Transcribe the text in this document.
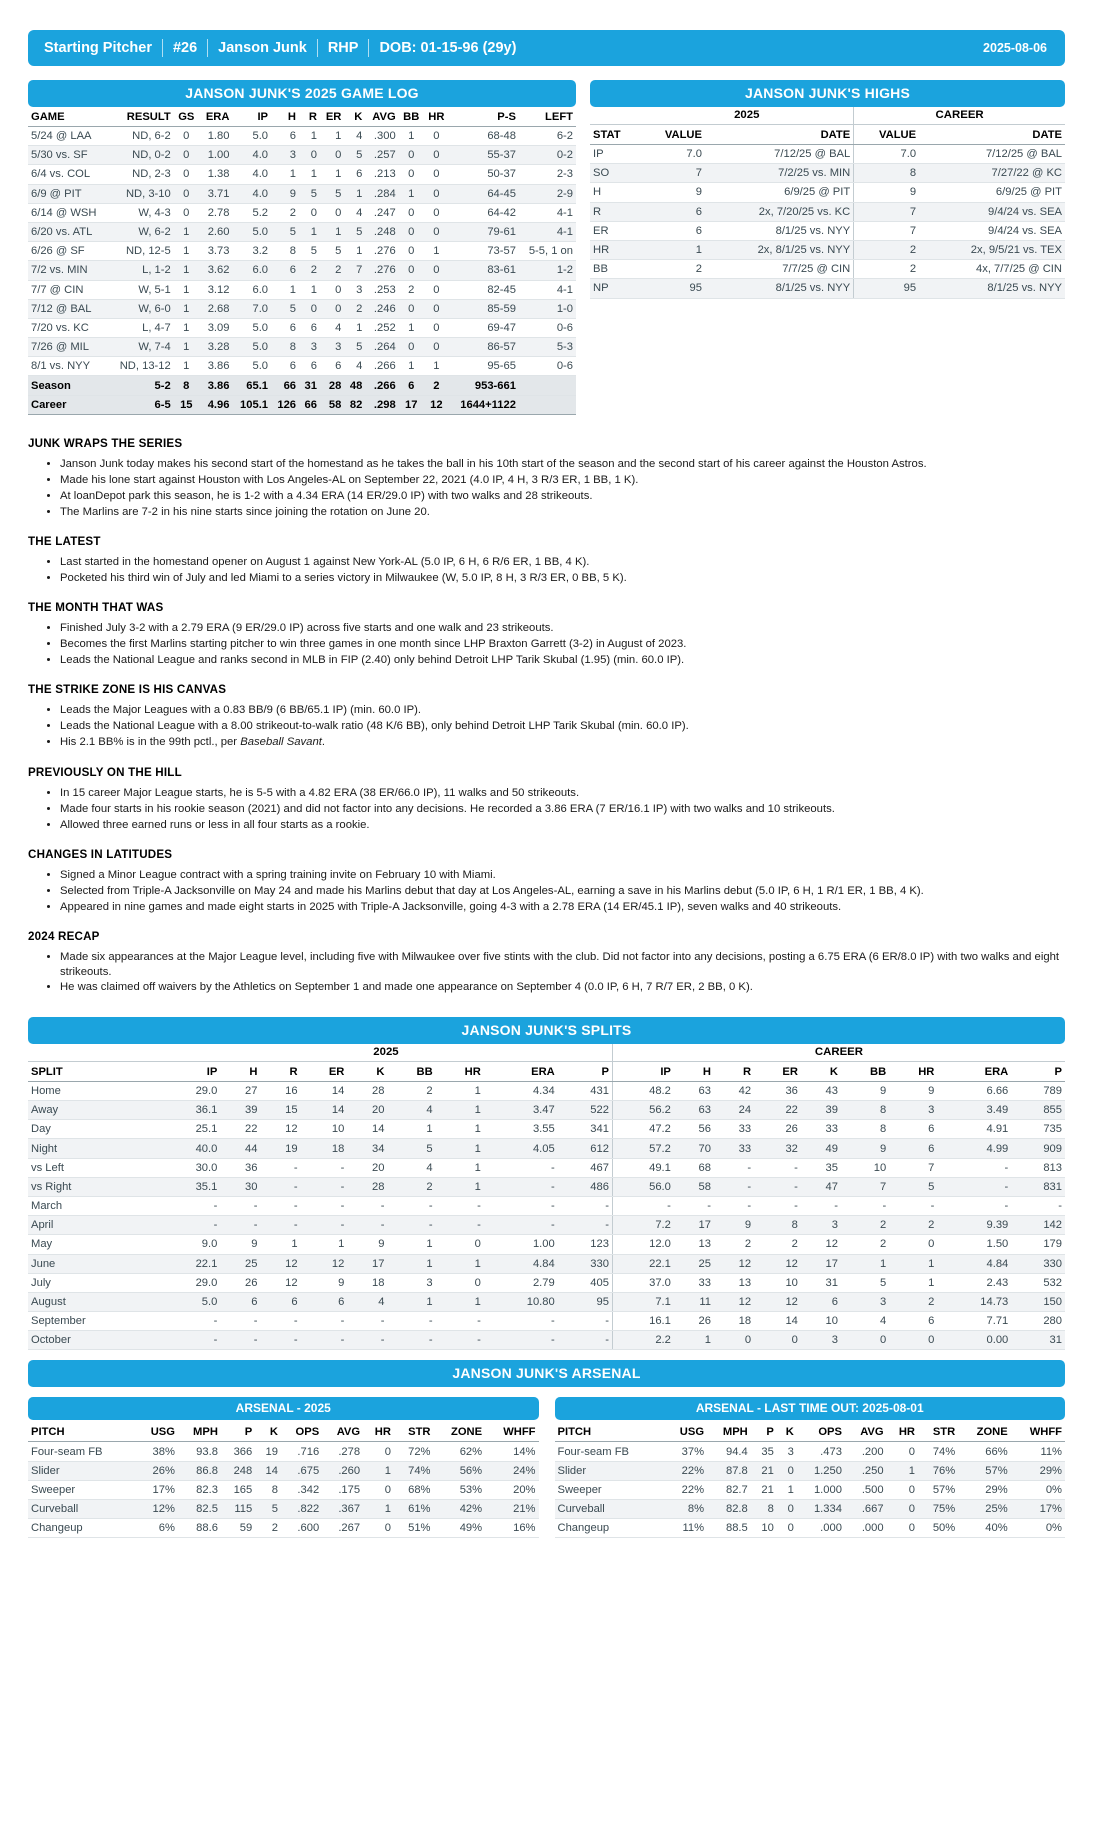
Starting Pitcher	#26	Janson Junk	RHP	DOB: 01-15-96 (29y)	2025-08-06
JANSON JUNK'S 2025 GAME LOG
GAME	RESULT	GS	ERA	IP	H	R	ER	K	AVG	BB	HR	P-S	LEFT
5/24 @ LAA	ND, 6-2	0	1.80	5.0	6	1	1	4	.300	1	0	68-48	6-2
5/30 vs. SF	ND, 0-2	0	1.00	4.0	3	0	0	5	.257	0	0	55-37	0-2
6/4 vs. COL	ND, 2-3	0	1.38	4.0	1	1	1	6	.213	0	0	50-37	2-3
6/9 @ PIT	ND, 3-10	0	3.71	4.0	9	5	5	1	.284	1	0	64-45	2-9
6/14 @ WSH	W, 4-3	0	2.78	5.2	2	0	0	4	.247	0	0	64-42	4-1
6/20 vs. ATL	W, 6-2	1	2.60	5.0	5	1	1	5	.248	0	0	79-61	4-1
6/26 @ SF	ND, 12-5	1	3.73	3.2	8	5	5	1	.276	0	1	73-57	5-5, 1 on
7/2 vs. MIN	L, 1-2	1	3.62	6.0	6	2	2	7	.276	0	0	83-61	1-2
7/7 @ CIN	W, 5-1	1	3.12	6.0	1	1	0	3	.253	2	0	82-45	4-1
7/12 @ BAL	W, 6-0	1	2.68	7.0	5	0	0	2	.246	0	0	85-59	1-0
7/20 vs. KC	L, 4-7	1	3.09	5.0	6	6	4	1	.252	1	0	69-47	0-6
7/26 @ MIL	W, 7-4	1	3.28	5.0	8	3	3	5	.264	0	0	86-57	5-3
8/1 vs. NYY	ND, 13-12	1	3.86	5.0	6	6	6	4	.266	1	1	95-65	0-6
Season	5-2	8	3.86	65.1	66	31	28	48	.266	6	2	953-661	
Career	6-5	15	4.96	105.1	126	66	58	82	.298	17	12	1644+1122	
JANSON JUNK'S HIGHS
	2025		CAREER	
STAT	VALUE	DATE	VALUE	DATE
IP	7.0	7/12/25 @ BAL	7.0	7/12/25 @ BAL
SO	7	7/2/25 vs. MIN	8	7/27/22 @ KC
H	9	6/9/25 @ PIT	9	6/9/25 @ PIT
R	6	2x, 7/20/25 vs. KC	7	9/4/24 vs. SEA
ER	6	8/1/25 vs. NYY	7	9/4/24 vs. SEA
HR	1	2x, 8/1/25 vs. NYY	2	2x, 9/5/21 vs. TEX
BB	2	7/7/25 @ CIN	2	4x, 7/7/25 @ CIN
NP	95	8/1/25 vs. NYY	95	8/1/25 vs. NYY
JUNK WRAPS THE SERIES
• Janson Junk today makes his second start of the homestand as he takes the ball in his 10th start of the season and the second start of his career against the Houston Astros.
• Made his lone start against Houston with Los Angeles-AL on September 22, 2021 (4.0 IP, 4 H, 3 R/3 ER, 1 BB, 1 K).
• At loanDepot park this season, he is 1-2 with a 4.34 ERA (14 ER/29.0 IP) with two walks and 28 strikeouts.
• The Marlins are 7-2 in his nine starts since joining the rotation on June 20.
THE LATEST
• Last started in the homestand opener on August 1 against New York-AL (5.0 IP, 6 H, 6 R/6 ER, 1 BB, 4 K).
• Pocketed his third win of July and led Miami to a series victory in Milwaukee (W, 5.0 IP, 8 H, 3 R/3 ER, 0 BB, 5 K).
THE MONTH THAT WAS
• Finished July 3-2 with a 2.79 ERA (9 ER/29.0 IP) across five starts and one walk and 23 strikeouts.
• Becomes the first Marlins starting pitcher to win three games in one month since LHP Braxton Garrett (3-2) in August of 2023.
• Leads the National League and ranks second in MLB in FIP (2.40) only behind Detroit LHP Tarik Skubal (1.95) (min. 60.0 IP).
THE STRIKE ZONE IS HIS CANVAS
• Leads the Major Leagues with a 0.83 BB/9 (6 BB/65.1 IP) (min. 60.0 IP).
• Leads the National League with a 8.00 strikeout-to-walk ratio (48 K/6 BB), only behind Detroit LHP Tarik Skubal (min. 60.0 IP).
• His 2.1 BB% is in the 99th pctl., per Baseball Savant.
PREVIOUSLY ON THE HILL
• In 15 career Major League starts, he is 5-5 with a 4.82 ERA (38 ER/66.0 IP), 11 walks and 50 strikeouts.
• Made four starts in his rookie season (2021) and did not factor into any decisions. He recorded a 3.86 ERA (7 ER/16.1 IP) with two walks and 10 strikeouts.
• Allowed three earned runs or less in all four starts as a rookie.
CHANGES IN LATITUDES
• Signed a Minor League contract with a spring training invite on February 10 with Miami.
• Selected from Triple-A Jacksonville on May 24 and made his Marlins debut that day at Los Angeles-AL, earning a save in his Marlins debut (5.0 IP, 6 H, 1 R/1 ER, 1 BB, 4 K).
• Appeared in nine games and made eight starts in 2025 with Triple-A Jacksonville, going 4-3 with a 2.78 ERA (14 ER/45.1 IP), seven walks and 40 strikeouts.
2024 RECAP
• Made six appearances at the Major League level, including five with Milwaukee over five stints with the club. Did not factor into any decisions, posting a 6.75 ERA (6 ER/8.0 IP) with two walks and eight strikeouts.
• He was claimed off waivers by the Athletics on September 1 and made one appearance on September 4 (0.0 IP, 6 H, 7 R/7 ER, 2 BB, 0 K).
JANSON JUNK'S SPLITS
	2025									CAREER								
SPLIT	IP	H	R	ER	K	BB	HR	ERA	P	IP	H	R	ER	K	BB	HR	ERA	P
Home	29.0	27	16	14	28	2	1	4.34	431	48.2	63	42	36	43	9	9	6.66	789
Away	36.1	39	15	14	20	4	1	3.47	522	56.2	63	24	22	39	8	3	3.49	855
Day	25.1	22	12	10	14	1	1	3.55	341	47.2	56	33	26	33	8	6	4.91	735
Night	40.0	44	19	18	34	5	1	4.05	612	57.2	70	33	32	49	9	6	4.99	909
vs Left	30.0	36	-	-	20	4	1	-	467	49.1	68	-	-	35	10	7	-	813
vs Right	35.1	30	-	-	28	2	1	-	486	56.0	58	-	-	47	7	5	-	831
March	-	-	-	-	-	-	-	-	-	-	-	-	-	-	-	-	-	-
April	-	-	-	-	-	-	-	-	-	7.2	17	9	8	3	2	2	9.39	142
May	9.0	9	1	1	9	1	0	1.00	123	12.0	13	2	2	12	2	0	1.50	179
June	22.1	25	12	12	17	1	1	4.84	330	22.1	25	12	12	17	1	1	4.84	330
July	29.0	26	12	9	18	3	0	2.79	405	37.0	33	13	10	31	5	1	2.43	532
August	5.0	6	6	6	4	1	1	10.80	95	7.1	11	12	12	6	3	2	14.73	150
September	-	-	-	-	-	-	-	-	-	16.1	26	18	14	10	4	6	7.71	280
October	-	-	-	-	-	-	-	-	-	2.2	1	0	0	3	0	0	0.00	31
JANSON JUNK'S ARSENAL
ARSENAL - 2025
PITCH	USG	MPH	P	K	OPS	AVG	HR	STR	ZONE	WHFF
Four-seam FB	38%	93.8	366	19	.716	.278	0	72%	62%	14%
Slider	26%	86.8	248	14	.675	.260	1	74%	56%	24%
Sweeper	17%	82.3	165	8	.342	.175	0	68%	53%	20%
Curveball	12%	82.5	115	5	.822	.367	1	61%	42%	21%
Changeup	6%	88.6	59	2	.600	.267	0	51%	49%	16%
ARSENAL - LAST TIME OUT: 2025-08-01
PITCH	USG	MPH	P	K	OPS	AVG	HR	STR	ZONE	WHFF
Four-seam FB	37%	94.4	35	3	.473	.200	0	74%	66%	11%
Slider	22%	87.8	21	0	1.250	.250	1	76%	57%	29%
Sweeper	22%	82.7	21	1	1.000	.500	0	57%	29%	0%
Curveball	8%	82.8	8	0	1.334	.667	0	75%	25%	17%
Changeup	11%	88.5	10	0	.000	.000	0	50%	40%	0%
